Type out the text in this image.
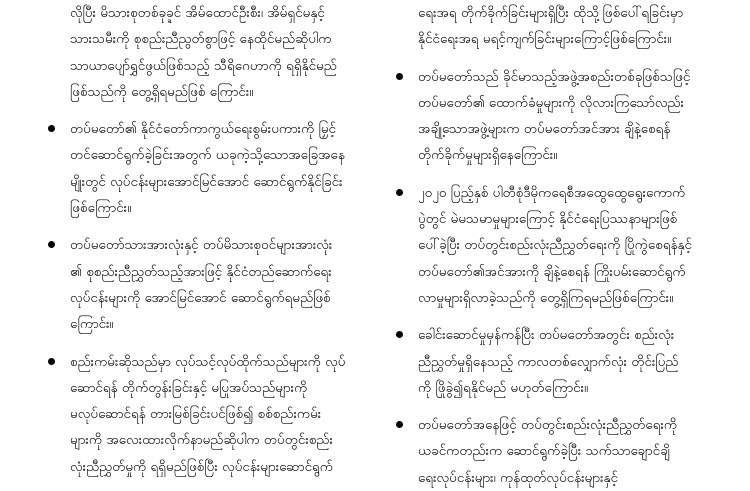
လိုပြီး မိသားစုတစ်ခုခ္ဍင် အိမ်ထောင်ဦးစီး၊ အိမ်ရှင်မနှင့်
သားသမီးကို စုစည်းညီညွတ်စွာဖြင့် နေထိုင်မည်ဆိုပါက
သာယာပျော်ရွှင်ဖွယ်ဖြစ်သည့် သီရိဂေဟာကို ရရှိနိုင်မည်
ဖြစ်သည်ကို တွေ့ရှိရမည်ဖြစ် ကြောင်း။
တပ်မတော်၏ နိုင်ငံတော်ကာကွယ်ရေးစွမ်းပကားကို မြှင့်
တင်ဆောင်ရွက်ခဲ့ခြင်းအတွက် ယခုကဲ့သို့သောအခြေအနေ
မျိုးတွင် လုပ်ငန်းများအောင်မြင်အောင် ဆောင်ရွက်နိုင်ခြင်း
ဖြစ်ကြောင်း။
တပ်မတော်သားအားလုံးနှင့် တပ်မိသားစုဝင်များအားလုံး
၏ စုစည်းညီညွှတ်သည့်အားဖြင့် နိုင်ငံတည်ဆောက်ရေး
လုပ်ငန်းများကို အောင်မြင်အောင် ဆောင်ရွက်ရမည်ဖြစ်
ကြောင်း။
စည်းကမ်းဆိုသည်မှာ လုပ်သင့်လုပ်ထိုက်သည်များကို လုပ်
ဆောင်ရန် တိုက်တွန်းခြင်းနှင့် မပြုအပ်သည်များကို
မလုပ်ဆောင်ရန် တားမြစ်ခြင်းပင်ဖြစ်၍ စစ်စည်းကမ်း
များကို အလေးထားလိုက်နာမည်ဆိုပါက တပ်တွင်းစည်း
လုံးညီညွှတ်မှုကို ရရှိမည်ဖြစ်ပြီး လုပ်ငန်းများဆောင်ရွက်
ရေးအရ တိုက်ခိုက်ခြင်းများရှိပြီး ထိုသို့ဖြစ်ပေါ်ရခြင်းမှာ
နိုင်ငံရေးအရ မရင့်ကျက်ခြင်းများကြောင့်ဖြစ်ကြောင်း။
တပ်မတော်သည် ခိုင်မာသည့်အဖွဲ့အစည်းတစ်ခုဖြစ်သဖြင့်
တပ်မတော်၏ ထောက်ခံမှုများကို လိုလားကြသော်လည်း
အချို့သောအဖွဲ့များက တပ်မတော်အင်အား ချိနဲ့စေရန်
တိုက်ခိုက်မှုများရှိနေကြောင်း။
၂၀၂၀ ပြည့်နှစ် ပါတီစုံဒီမိုကရေစီအထွေထွေရွေးကောက်
ပွဲတွင် မဲမသမာမှုများကြောင့် နိုင်ငံရေးပြဿနာများဖြစ်
ပေါ်ခဲ့ပြီး တပ်တွင်းစည်းလုံးညီညွှတ်ရေးကို ပြိုကွဲစေရန်နှင့်
တပ်မတော်၏အင်အားကို ချိနဲ့စေရန် ကြိုးပမ်းဆောင်ရွက်
လာမှုများရှိလာခဲ့သည်ကို တွေ့ရှိကြရမည်ဖြစ်ကြောင်း။
ခေါင်းဆောင်မှုမှန်ကန်ပြီး တပ်မတော်အတွင်း စည်းလုံး
ညီညွှတ်မှုရှိနေသည့် ကာလတစ်လျှောက်လုံး တိုင်းပြည်
ကို ဖြိုခွဲ၍ရနိုင်မည် မဟုတ်ကြောင်း။
တပ်မတော်အနေဖြင့် တပ်တွင်းစည်းလုံးညီညွှတ်ရေးကို
ယခင်ကတည်းက ဆောင်ရွက်ခဲ့ပြီး သက်သာချောင်ချိ
ရေးလုပ်ငန်းများ၊ ကုန်ထုတ်လုပ်ငန်းများနှင့်
